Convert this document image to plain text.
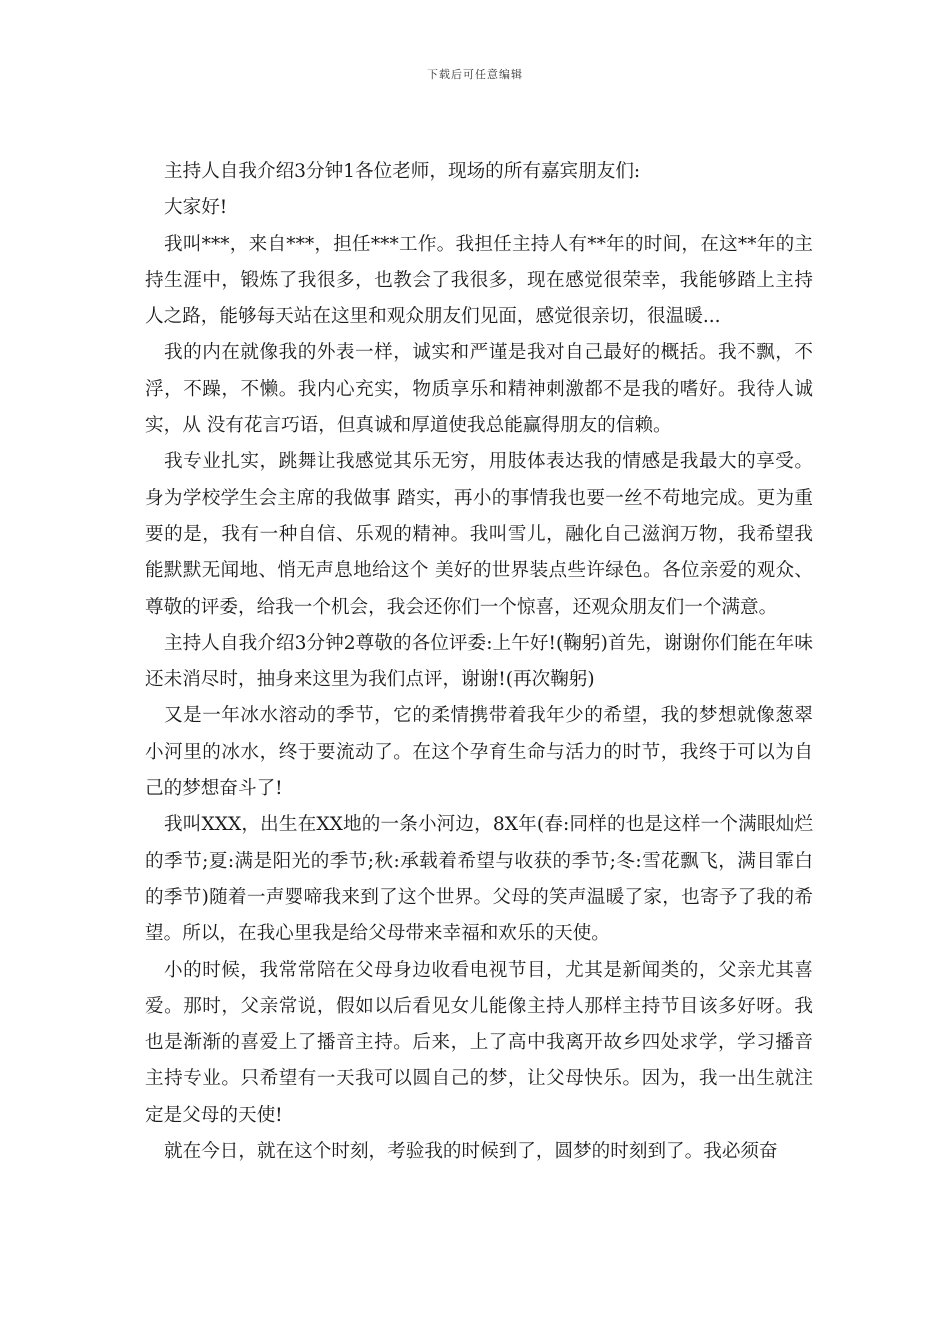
下载后可任意编辑

主持人自我介绍3分钟1各位老师，现场的所有嘉宾朋友们:

大家好!

我叫***，来自***，担任***工作。我担任主持人有**年的时间，在这**年的主持生涯中，锻炼了我很多，也教会了我很多，现在感觉很荣幸，我能够踏上主持人之路，能够每天站在这里和观众朋友们见面，感觉很亲切，很温暖...

我的内在就像我的外表一样，诚实和严谨是我对自己最好的概括。我不飘，不浮，不躁，不懒。我内心充实，物质享乐和精神刺激都不是我的嗜好。我待人诚实，从 没有花言巧语，但真诚和厚道使我总能赢得朋友的信赖。

我专业扎实，跳舞让我感觉其乐无穷，用肢体表达我的情感是我最大的享受。身为学校学生会主席的我做事 踏实，再小的事情我也要一丝不苟地完成。更为重要的是，我有一种自信、乐观的精神。我叫雪儿，融化自己滋润万物，我希望我能默默无闻地、悄无声息地给这个 美好的世界装点些许绿色。各位亲爱的观众、尊敬的评委，给我一个机会，我会还你们一个惊喜，还观众朋友们一个满意。

主持人自我介绍3分钟2尊敬的各位评委:上午好!(鞠躬)首先，谢谢你们能在年味还未消尽时，抽身来这里为我们点评，谢谢!(再次鞠躬)

又是一年冰水溶动的季节，它的柔情携带着我年少的希望，我的梦想就像葱翠小河里的冰水，终于要流动了。在这个孕育生命与活力的时节，我终于可以为自己的梦想奋斗了!

我叫XXX，出生在XX地的一条小河边，8X年(春:同样的也是这样一个满眼灿烂的季节;夏:满是阳光的季节;秋:承载着希望与收获的季节;冬:雪花飘飞，满目霏白的季节)随着一声婴啼我来到了这个世界。父母的笑声温暖了家，也寄予了我的希望。所以，在我心里我是给父母带来幸福和欢乐的天使。

小的时候，我常常陪在父母身边收看电视节目，尤其是新闻类的，父亲尤其喜爱。那时，父亲常说，假如以后看见女儿能像主持人那样主持节目该多好呀。我也是渐渐的喜爱上了播音主持。后来，上了高中我离开故乡四处求学，学习播音主持专业。只希望有一天我可以圆自己的梦，让父母快乐。因为，我一出生就注定是父母的天使!

就在今日，就在这个时刻，考验我的时候到了，圆梦的时刻到了。我必须奋
